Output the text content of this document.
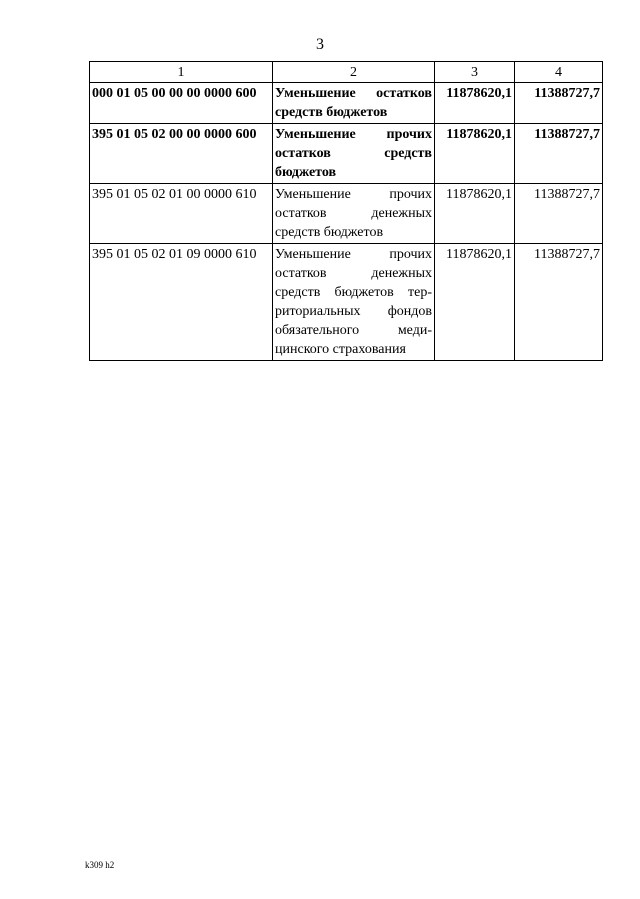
3
1	2	3	4
000 01 05 00 00 00 0000 600	Уменьшение остатков средств бюджетов	11878620,1	11388727,7
395 01 05 02 00 00 0000 600	Уменьшение прочих остатков средств бюджетов	11878620,1	11388727,7
395 01 05 02 01 00 0000 610	Уменьшение прочих остатков денежных средств бюджетов	11878620,1	11388727,7
395 01 05 02 01 09 0000 610	Уменьшение прочих остатков денежных средств бюджетов тер-риториальных фондов обязательного меди-цинского страхования	11878620,1	11388727,7
k309 h2
